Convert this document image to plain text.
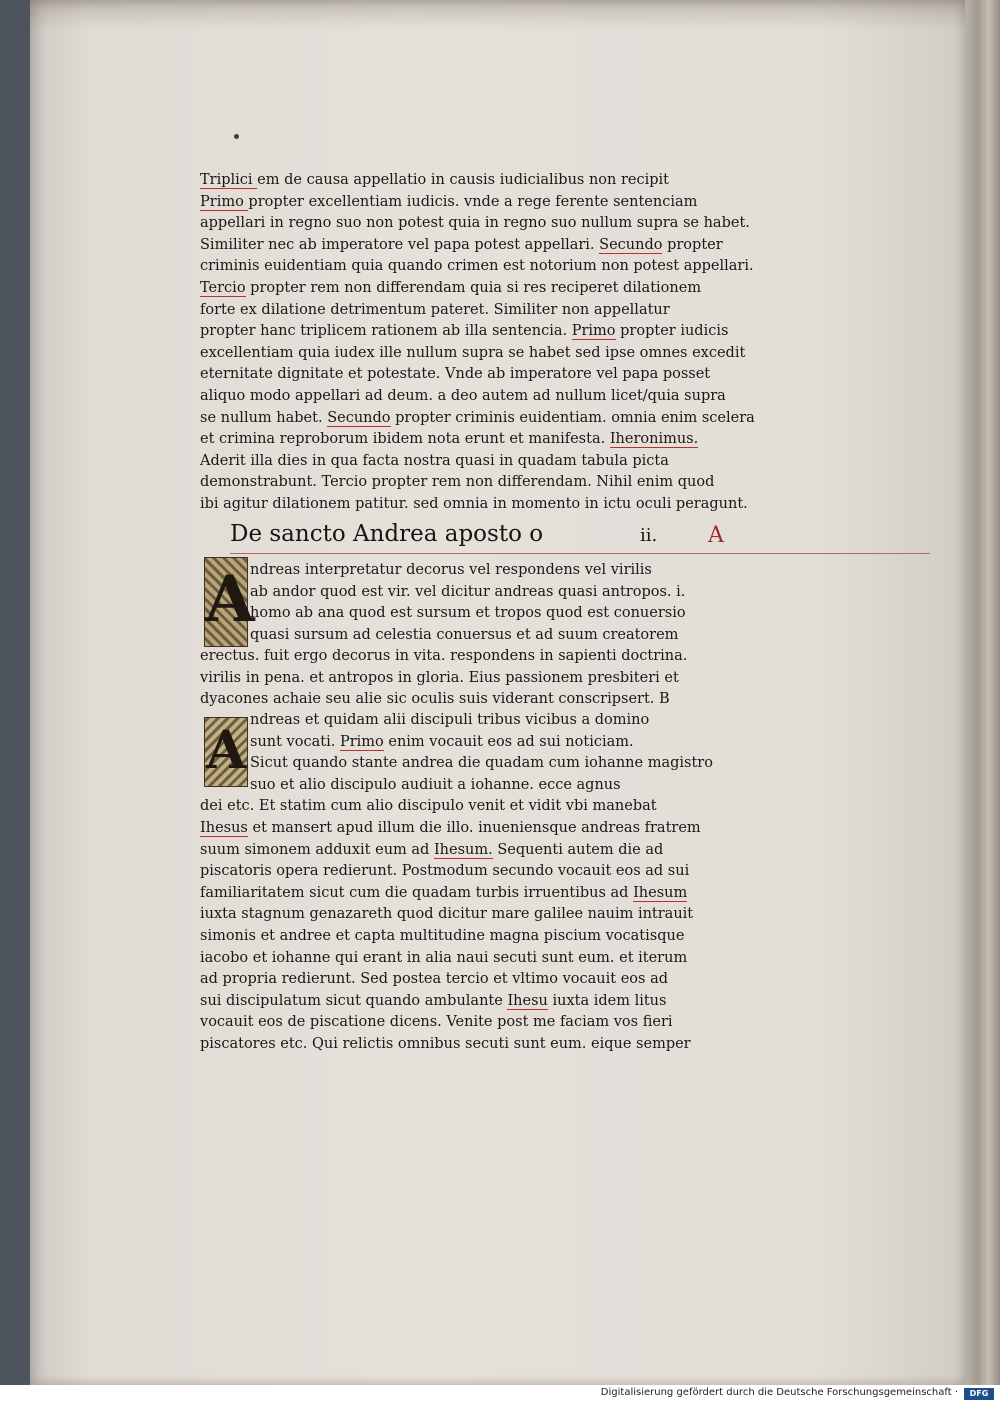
Triplici em de causa appellatio in causis iudicialibus non recipit
Primo propter excellentiam iudicis. vnde a rege ferente sentenciam
appellari in regno suo non potest quia in regno suo nullum supra se habet.
Similiter nec ab imperatore vel papa potest appellari. Secundo propter
criminis euidentiam quia quando crimen est notorium non potest appellari.
Tercio propter rem non differendam quia si res reciperet dilationem
forte ex dilatione detrimentum pateret. Similiter non appellatur
propter hanc triplicem rationem ab illa sentencia. Primo propter iudicis
excellentiam quia iudex ille nullum supra se habet sed ipse omnes excedit
eternitate dignitate et potestate. Vnde ab imperatore vel papa posset
aliquo modo appellari ad deum. a deo autem ad nullum licet/quia supra
se nullum habet. Secundo propter criminis euidentiam. omnia enim scelera
et crimina reproborum ibidem nota erunt et manifesta. Iheronimus.
Aderit illa dies in qua facta nostra quasi in quadam tabula picta
demonstrabunt. Tercio propter rem non differendam. Nihil enim quod
ibi agitur dilationem patitur. sed omnia in momento in ictu oculi peragunt.
De sancto Andrea aposto o	ii. A
ndreas interpretatur decorus vel respondens vel virilis
ab andor quod est vir. vel dicitur andreas quasi antropos. i.
homo ab ana quod est sursum et tropos quod est conuersio
quasi sursum ad celestia conuersus et ad suum creatorem
erectus. fuit ergo decorus in vita. respondens in sapienti doctrina.
virilis in pena. et antropos in gloria. Eius passionem presbiteri et
dyacones achaie seu alie sic oculis suis viderant conscripsert. B
ndreas et quidam alii discipuli tribus vicibus a domino
sunt vocati. Primo enim vocauit eos ad sui noticiam.
Sicut quando stante andrea die quadam cum iohanne magistro
suo et alio discipulo audiuit a iohanne. ecce agnus
dei etc. Et statim cum alio discipulo venit et vidit vbi manebat
Ihesus et mansert apud illum die illo. inueniensque andreas fratrem
suum simonem adduxit eum ad Ihesum. Sequenti autem die ad
piscatoris opera redierunt. Postmodum secundo vocauit eos ad sui
familiaritatem sicut cum die quadam turbis irruentibus ad Ihesum
iuxta stagnum genazareth quod dicitur mare galilee nauim intrauit
simonis et andree et capta multitudine magna piscium vocatisque
iacobo et iohanne qui erant in alia naui secuti sunt eum. et iterum
ad propria redierunt. Sed postea tercio et vltimo vocauit eos ad
sui discipulatum sicut quando ambulante Ihesu iuxta idem litus
vocauit eos de piscatione dicens. Venite post me faciam vos fieri
piscatores etc. Qui relictis omnibus secuti sunt eum. eique semper
A
A
Digitalisierung gefördert durch die Deutsche Forschungsgemeinschaft ·	DFG
